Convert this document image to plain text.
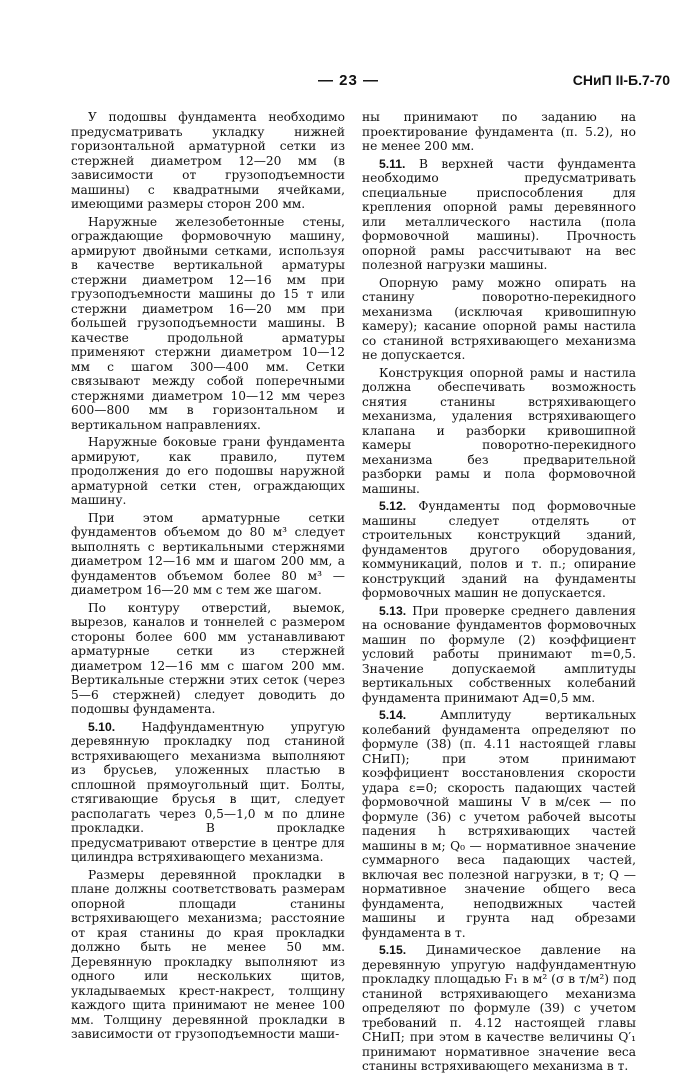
— 23 —	СНиП II-Б.7-70

У подошвы фундамента необходимо предусматривать укладку нижней горизонтальной арматурной сетки из стержней диаметром 12—20 мм (в зависимости от грузоподъемности машины) с квадратными ячейками, имеющими размеры сторон 200 мм.

Наружные железобетонные стены, ограждающие формовочную машину, армируют двойными сетками, используя в качестве вертикальной арматуры стержни диаметром 12—16 мм при грузоподъемности машины до 15 т или стержни диаметром 16—20 мм при большей грузоподъемности машины. В качестве продольной арматуры применяют стержни диаметром 10—12 мм с шагом 300—400 мм. Сетки связывают между собой поперечными стержнями диаметром 10—12 мм через 600—800 мм в горизонтальном и вертикальном направлениях.

Наружные боковые грани фундамента армируют, как правило, путем продолжения до его подошвы наружной арматурной сетки стен, ограждающих машину.

При этом арматурные сетки фундаментов объемом до 80 м³ следует выполнять с вертикальными стержнями диаметром 12—16 мм и шагом 200 мм, а фундаментов объемом более 80 м³ — диаметром 16—20 мм с тем же шагом.

По контуру отверстий, выемок, вырезов, каналов и тоннелей с размером стороны более 600 мм устанавливают арматурные сетки из стержней диаметром 12—16 мм с шагом 200 мм. Вертикальные стержни этих сеток (через 5—6 стержней) следует доводить до подошвы фундамента.

5.10. Надфундаментную упругую деревянную прокладку под станиной встряхивающего механизма выполняют из брусьев, уложенных пластью в сплошной прямоугольный щит. Болты, стягивающие брусья в щит, следует располагать через 0,5—1,0 м по длине прокладки. В прокладке предусматривают отверстие в центре для цилиндра встряхивающего механизма.

Размеры деревянной прокладки в плане должны соответствовать размерам опорной площади станины встряхивающего механизма; расстояние от края станины до края прокладки должно быть не менее 50 мм. Деревянную прокладку выполняют из одного или нескольких щитов, укладываемых крест-накрест, толщину каждого щита принимают не менее 100 мм. Толщину деревянной прокладки в зависимости от грузоподъемности маши-

ны принимают по заданию на проектирование фундамента (п. 5.2), но не менее 200 мм.

5.11. В верхней части фундамента необходимо предусматривать специальные приспособления для крепления опорной рамы деревянного или металлического настила (пола формовочной машины). Прочность опорной рамы рассчитывают на вес полезной нагрузки машины.

Опорную раму можно опирать на станину поворотно-перекидного механизма (исключая кривошипную камеру); касание опорной рамы настила со станиной встряхивающего механизма не допускается.

Конструкция опорной рамы и настила должна обеспечивать возможность снятия станины встряхивающего механизма, удаления встряхивающего клапана и разборки кривошипной камеры поворотно-перекидного механизма без предварительной разборки рамы и пола формовочной машины.

5.12. Фундаменты под формовочные машины следует отделять от строительных конструкций зданий, фундаментов другого оборудования, коммуникаций, полов и т. п.; опирание конструкций зданий на фундаменты формовочных машин не допускается.

5.13. При проверке среднего давления на основание фундаментов формовочных машин по формуле (2) коэффициент условий работы принимают m=0,5. Значение допускаемой амплитуды вертикальных собственных колебаний фундамента принимают Aд=0,5 мм.

5.14.	Амплитуду вертикальных колебаний фундамента определяют по формуле (38) (п. 4.11 настоящей главы СНиП); при этом принимают коэффициент восстановления скорости удара ε=0; скорость падающих частей формовочной машины V в м/сек — по формуле (36) с учетом рабочей высоты падения h встряхивающих частей машины в м; Q₀ — нормативное значение суммарного веса падающих частей, включая вес полезной нагрузки, в т; Q — нормативное значение общего веса фундамента, неподвижных частей машины и грунта над обрезами фундамента в т.

5.15. Динамическое давление на деревянную упругую надфундаментную прокладку площадью F₁ в м² (σ в т/м²) под станиной встряхивающего механизма определяют по формуле (39) с учетом требований п. 4.12 настоящей главы СНиП; при этом в качестве величины Q′₁ принимают нормативное значение веса станины встряхивающего механизма в т.
